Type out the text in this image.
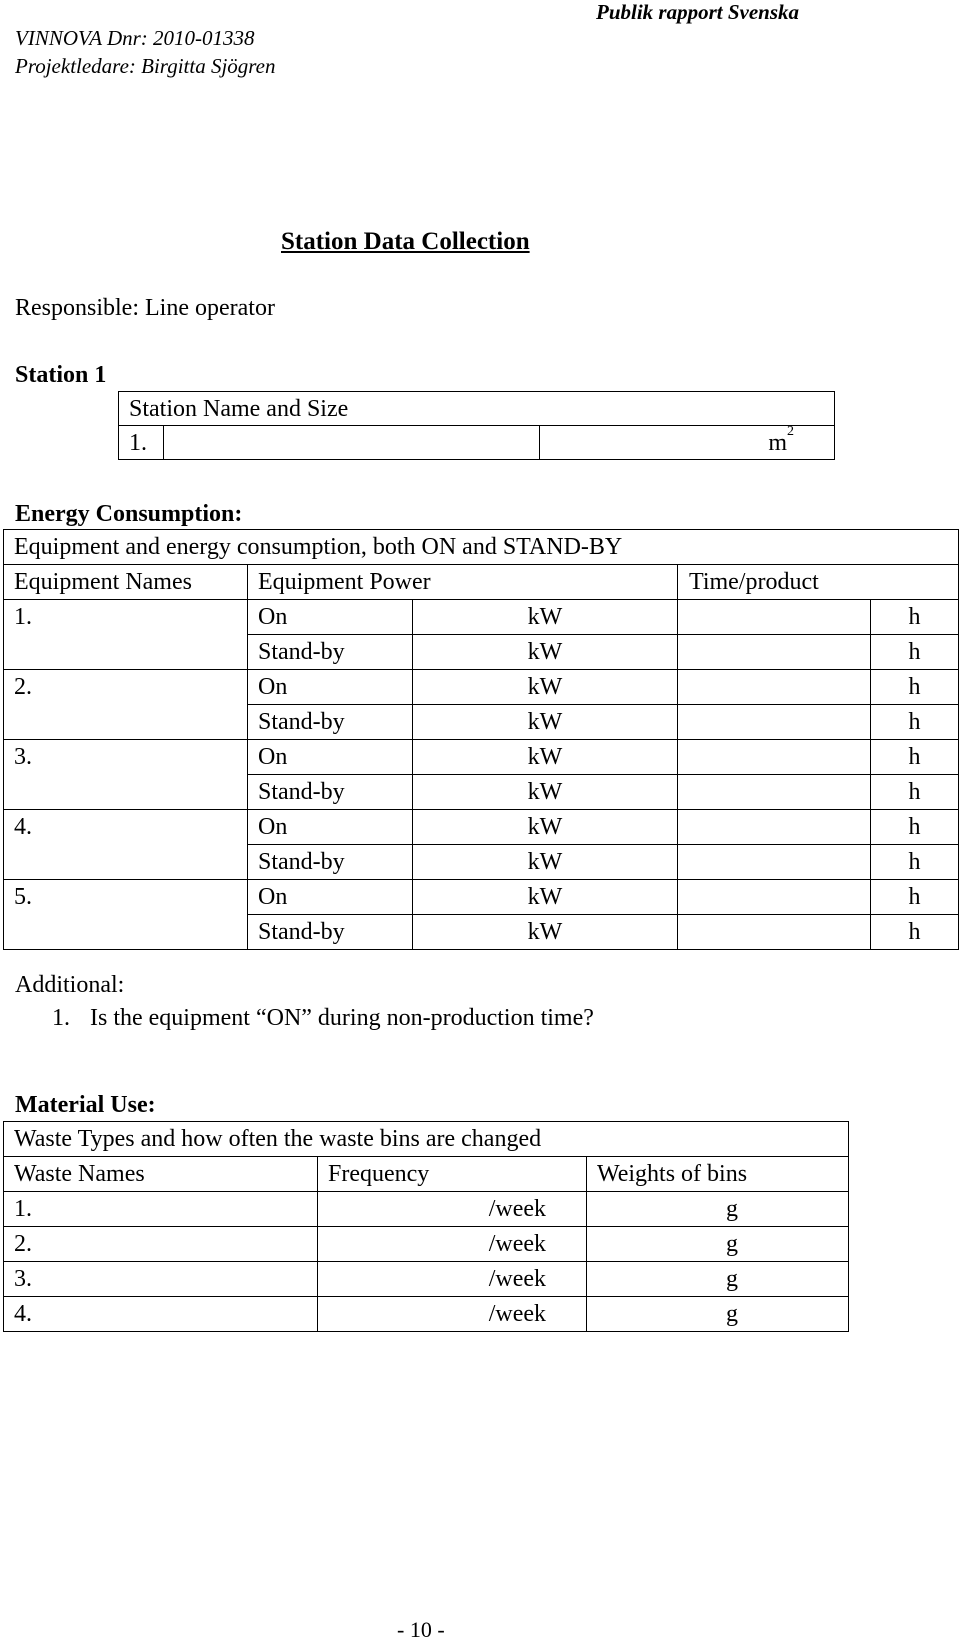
VINNOVA Dnr: 2010-01338
Projektledare: Birgitta Sjögren
Publik rapport Svenska
Station Data Collection
Responsible: Line operator
Station 1
Station Name and Size
1.		$m^2$
Energy Consumption:
Equipment and energy consumption, both ON and STAND-BY				
Equipment Names	Equipment Power		Time/product	
1.	On	kW		h
	Stand-by	kW		h
2.	On	kW		h
	Stand-by	kW		h
3.	On	kW		h
	Stand-by	kW		h
4.	On	kW		h
	Stand-by	kW		h
5.	On	kW		h
	Stand-by	kW		h
Additional:
1. Is the equipment “ON” during non-production time?
Material Use:
Waste Types and how often the waste bins are changed		
Waste Names	Frequency	Weights of bins
1.	/week	g
2.	/week	g
3.	/week	g
4.	/week	g
- 10 -
